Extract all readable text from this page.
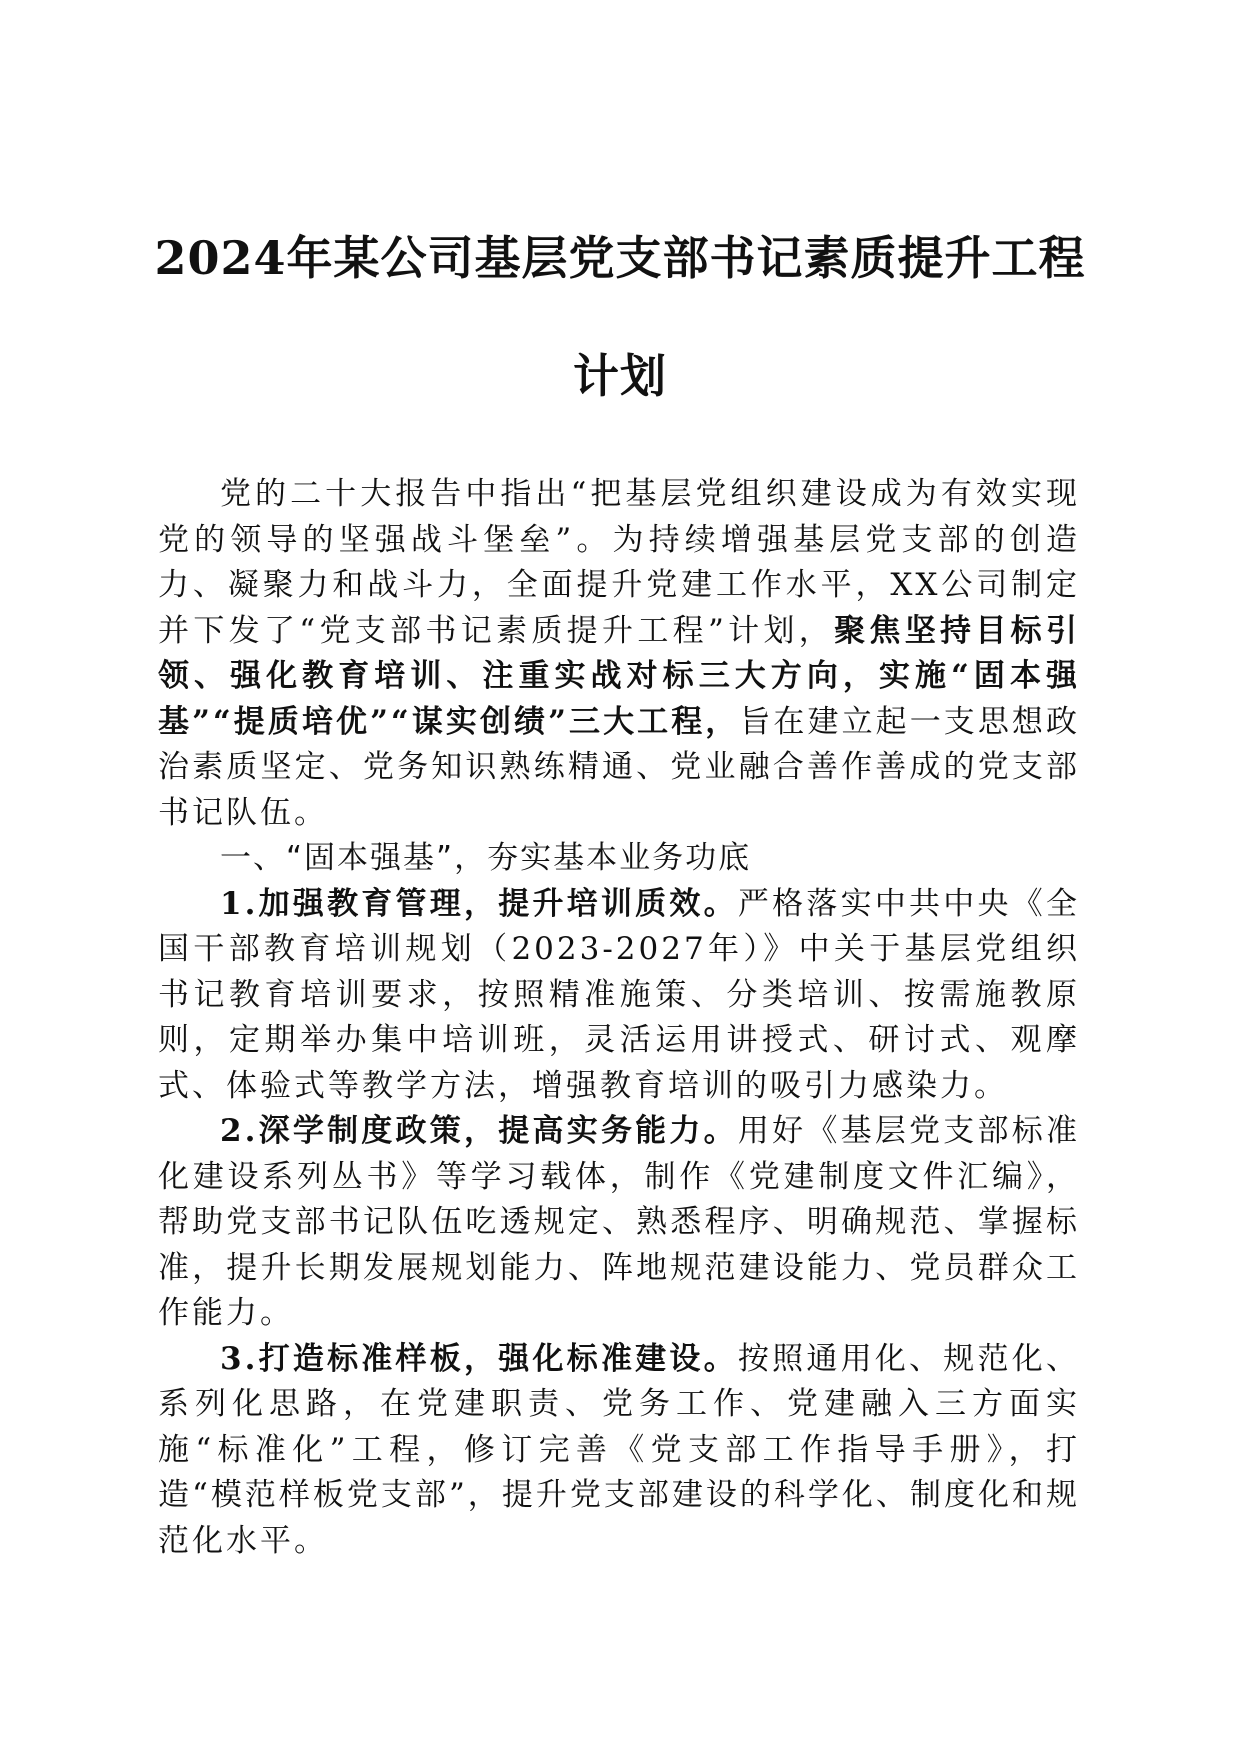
2024年某公司基层党支部书记素质提升工程
计划

党的二十大报告中指出“把基层党组织建设成为有效实现党的领导的坚强战斗堡垒”。为持续增强基层党支部的创造力、凝聚力和战斗力，全面提升党建工作水平，XX公司制定并下发了“党支部书记素质提升工程”计划，聚焦坚持目标引领、强化教育培训、注重实战对标三大方向，实施“固本强基”“提质培优”“谋实创绩”三大工程，旨在建立起一支思想政治素质坚定、党务知识熟练精通、党业融合善作善成的党支部书记队伍。

一、“固本强基”，夯实基本业务功底

1.加强教育管理，提升培训质效。严格落实中共中央《全国干部教育培训规划（2023-2027年）》中关于基层党组织书记教育培训要求，按照精准施策、分类培训、按需施教原则，定期举办集中培训班，灵活运用讲授式、研讨式、观摩式、体验式等教学方法，增强教育培训的吸引力感染力。

2.深学制度政策，提高实务能力。用好《基层党支部标准化建设系列丛书》等学习载体，制作《党建制度文件汇编》，帮助党支部书记队伍吃透规定、熟悉程序、明确规范、掌握标准，提升长期发展规划能力、阵地规范建设能力、党员群众工作能力。

3.打造标准样板，强化标准建设。按照通用化、规范化、系列化思路，在党建职责、党务工作、党建融入三方面实施“标准化”工程，修订完善《党支部工作指导手册》，打造“模范样板党支部”，提升党支部建设的科学化、制度化和规范化水平。
